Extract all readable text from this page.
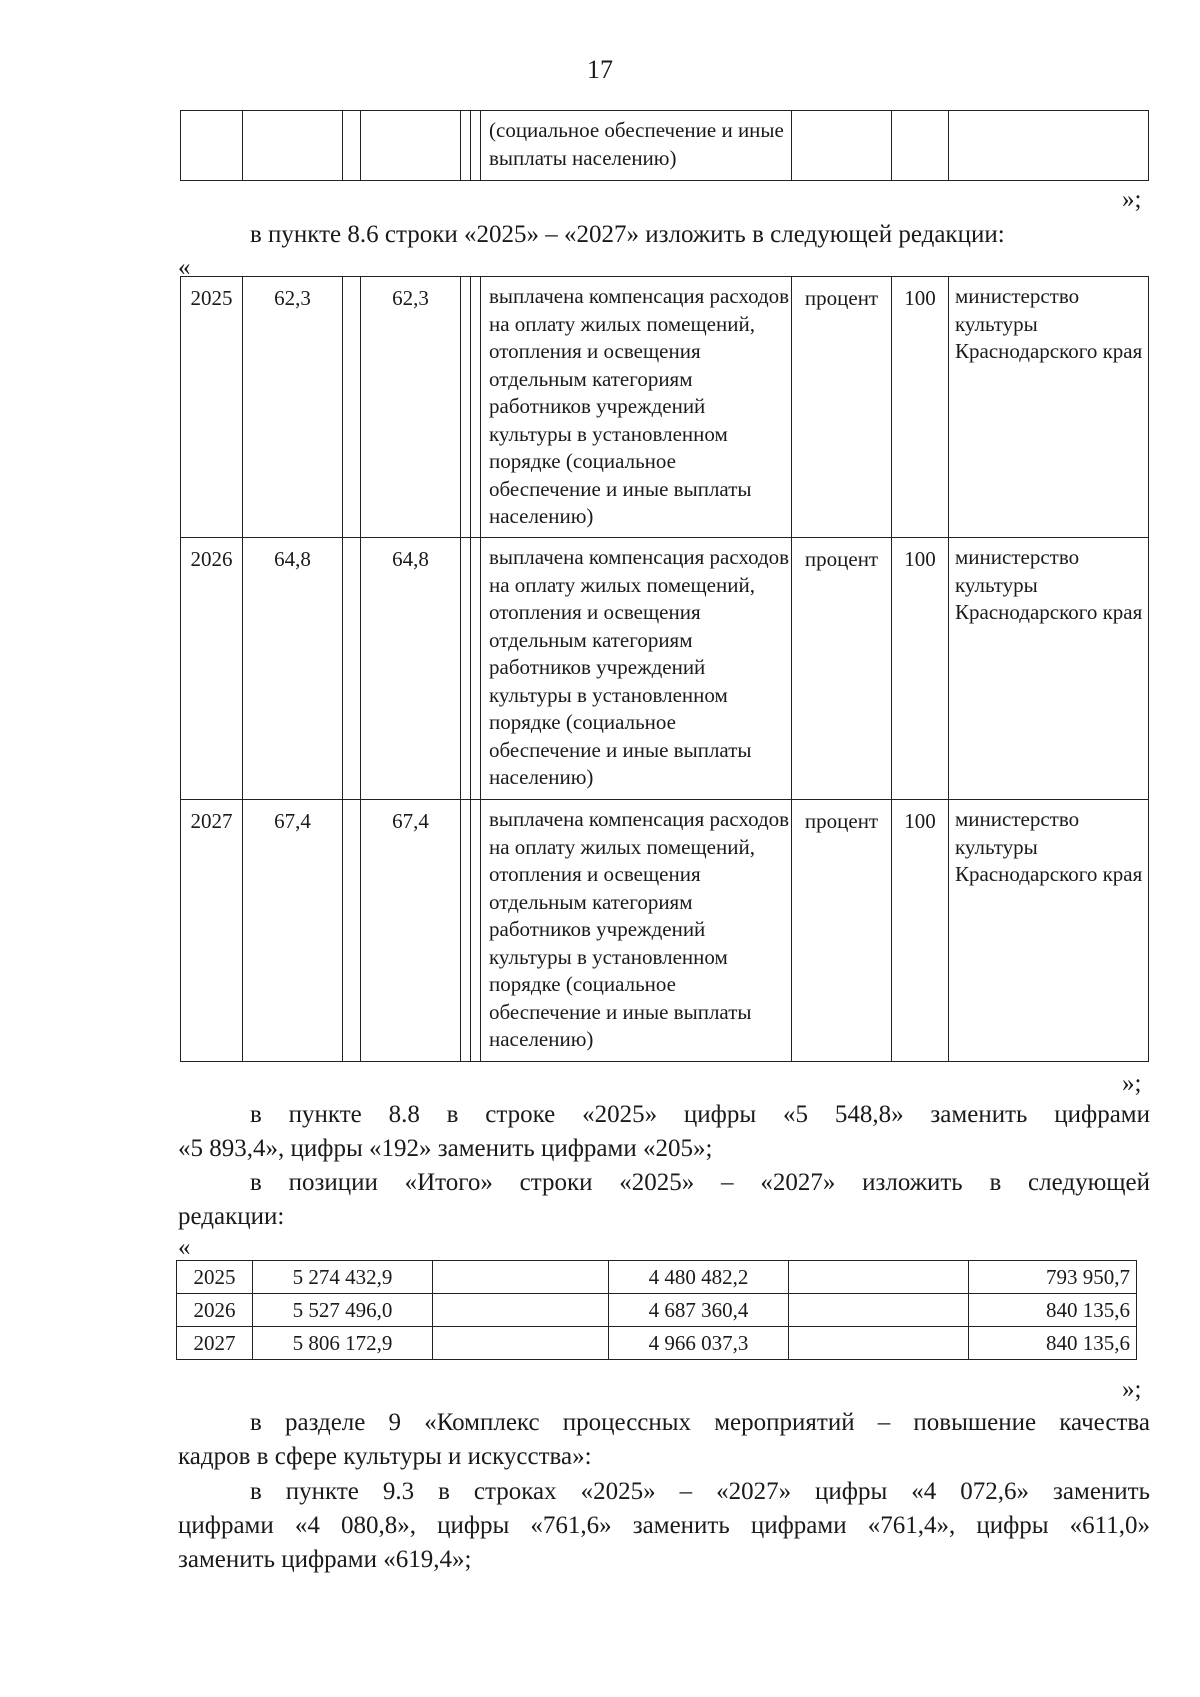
17
						(социальное обеспечение и иные выплаты населению)			
»;
в пункте 8.6 строки «2025» – «2027» изложить в следующей редакции:
«
2025	62,3		62,3			выплачена компенсация расходов на оплату жилых помещений, отопления и освещения отдельным категориям работников учреждений культуры в установленном порядке (социальное обеспечение и иные выплаты населению)	процент	100	министерство культуры Краснодарского края
2026	64,8		64,8			выплачена компенсация расходов на оплату жилых помещений, отопления и освещения отдельным категориям работников учреждений культуры в установленном порядке (социальное обеспечение и иные выплаты населению)	процент	100	министерство культуры Краснодарского края
2027	67,4		67,4			выплачена компенсация расходов на оплату жилых помещений, отопления и освещения отдельным категориям работников учреждений культуры в установленном порядке (социальное обеспечение и иные выплаты населению)	процент	100	министерство культуры Краснодарского края
»;
в пункте 8.8 в строке «2025» цифры «5 548,8» заменить цифрами
«5 893,4», цифры «192» заменить цифрами «205»;
в позиции «Итого» строки «2025» – «2027» изложить в следующей
редакции:
«
2025	5 274 432,9		4 480 482,2		793 950,7
2026	5 527 496,0		4 687 360,4		840 135,6
2027	5 806 172,9		4 966 037,3		840 135,6
»;
в разделе 9 «Комплекс процессных мероприятий – повышение качества
кадров в сфере культуры и искусства»:
в пункте 9.3 в строках «2025» – «2027» цифры «4 072,6» заменить
цифрами «4 080,8», цифры «761,6» заменить цифрами «761,4», цифры «611,0»
заменить цифрами «619,4»;
